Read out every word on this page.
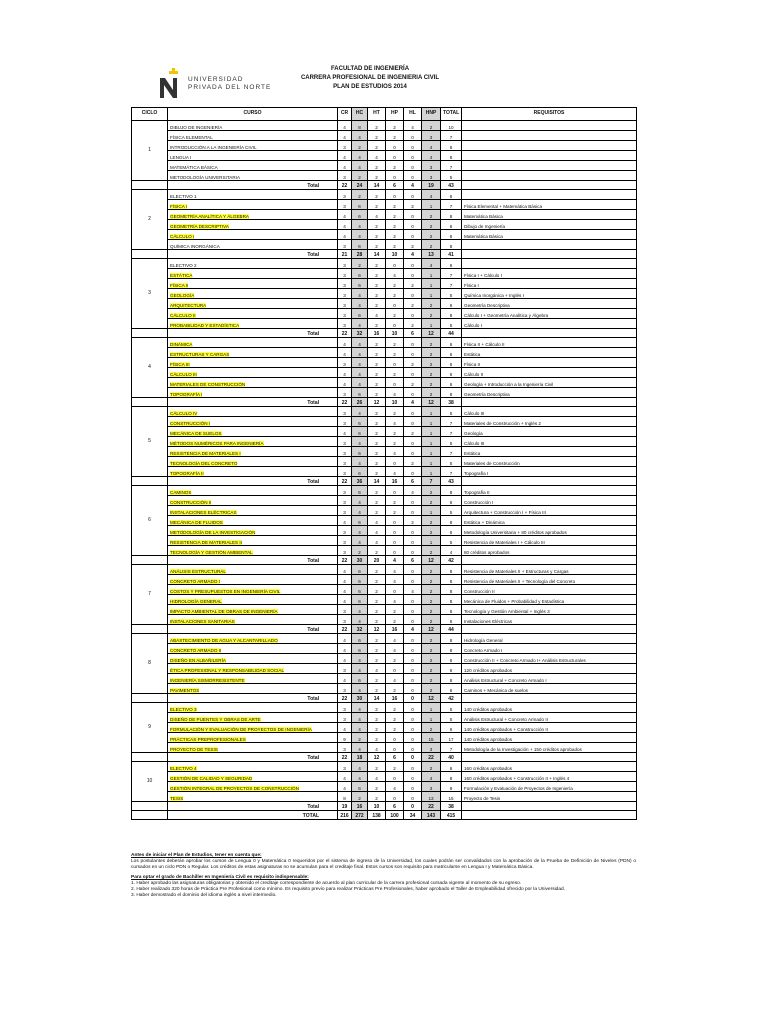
UNIVERSIDAD
PRIVADA DEL NORTE
FACULTAD DE INGENIERÍA
CARRERA PROFESIONAL DE INGENIERIA CIVIL
PLAN DE ESTUDIOS 2014
CICLO	CURSO	CR	HC	HT	HP	HL	HNP	TOTAL	REQUISITOS
1	DIBUJO DE INGENIERÍA	4	8	2	2	4	2	10	
	FÍSICA ELEMENTAL	4	4	2	2	0	3	7	
	INTRODUCCIÓN A LA INGENIERÍA CIVIL	3	2	2	0	0	4	6	
	LENGUA I	4	4	4	0	0	4	8	
	MATEMÁTICA BÁSICA	4	4	2	2	0	3	7	
	METODOLOGÍA UNIVERSITARIA	3	2	2	0	0	3	5	
	Total	22	24	14	6	4	19	43	
2	ELECTIVO 1	3	2	2	0	0	4	6	
	FÍSICA I	3	6	2	2	2	1	7	Física Elemental + Matemática Básica
	GEOMETRÍA ANALÍTICA Y ÁLGEBRA	4	6	4	2	0	2	8	Matemática Básica
	GEOMETRÍA DESCRIPTIVA	4	4	2	2	0	2	6	Dibujo de Ingeniería
	CÁLCULO I	4	4	2	2	0	2	6	Matemática Básica
	QUÍMICA INORGÁNICA	3	6	2	2	2	2	8	
	Total	21	28	14	10	4	13	41	
3	ELECTIVO 2	3	2	2	0	0	4	6	
	ESTÁTICA	3	6	2	4	0	1	7	Física I + Cálculo I
	FÍSICA II	3	6	2	2	2	1	7	Física I
	GEOLOGÍA	3	4	2	2	0	1	5	Química Inorgánica + Inglés I
	ARQUITECTURA	3	4	2	0	2	2	6	Geometría Descriptiva
	CÁLCULO II	3	6	4	2	0	2	8	Cálculo I + Geometría Analítica y Álgebra
	PROBABILIDAD Y ESTADÍSTICA	3	4	2	0	2	1	5	Cálculo I
	Total	22	32	16	10	6	12	44	
4	DINÁMICA	4	4	2	2	0	2	6	Física II + Cálculo II
	ESTRUCTURAS Y CARGAS	4	4	2	2	0	2	6	Estática
	FÍSICA III	3	4	2	0	2	2	6	Física II
	CÁLCULO III	4	4	2	2	0	2	6	Cálculo II
	MATERIALES DE CONSTRUCCIÓN	4	4	2	0	2	2	6	Geología + Introducción a la Ingeniería Civil
	TOPOGRAFÍA I	3	6	2	4	0	2	8	Geometría Descriptiva
	Total	22	26	12	10	4	12	38	
5	CÁLCULO IV	3	4	2	2	0	1	5	Cálculo III
	CONSTRUCCIÓN I	3	6	2	4	0	1	7	Materiales de Construcción + Inglés 2
	MECÁNICA DE SUELOS	4	6	2	2	2	1	7	Geología
	MÉTODOS NUMÉRICOS PARA INGENIERÍA	3	4	2	2	0	1	5	Cálculo III
	RESISTENCIA DE MATERIALES I	3	6	2	4	0	1	7	Estática
	TECNOLOGÍA DEL CONCRETO	3	4	2	0	2	1	5	Materiales de Construcción
	TOPOGRAFÍA II	3	6	2	4	0	1	7	Topografía I
	Total	22	36	14	16	6	7	43	
6	CAMINOS	3	6	2	0	4	2	8	Topografía II
	CONSTRUCCIÓN II	3	4	2	2	0	2	6	Construcción I
	INSTALACIONES ELÉCTRICAS	3	4	2	2	0	1	5	Arquitectura + Construcción I + Física III
	MECÁNICA DE FLUIDOS	4	6	4	0	2	2	8	Estática + Dinámica
	METODOLOGÍA DE LA INVESTIGACIÓN	3	4	4	0	0	2	6	Metodología Universitaria + 80 créditos aprobados
	RESISTENCIA DE MATERIALES II	3	4	4	0	0	1	5	Resistencia de Materiales I + Cálculo III
	TECNOLOGÍA Y GESTIÓN AMBIENTAL	3	2	2	0	0	2	4	80 créditos aprobados
	Total	22	30	20	4	6	12	42	
7	ANÁLISIS ESTRUCTURAL	4	6	2	4	0	2	8	Resistencia de Materiales II + Estructuras y Cargas
	CONCRETO ARMADO I	4	6	2	4	0	2	8	Resistencia de Materiales II + Tecnología del Concreto
	COSTOS Y PRESUPUESTOS EN INGENIERÍA CIVIL	4	6	2	0	4	2	8	Construcción II
	HIDROLOGÍA GENERAL	4	6	2	4	0	2	8	Mecánica de Fluidos + Probabilidad y Estadística
	IMPACTO AMBIENTAL DE OBRAS DE INGENIERÍA	3	4	2	2	0	2	6	Tecnología y Gestión Ambiental + Inglés 3
	INSTALACIONES SANITARIAS	3	4	2	2	0	2	6	Instalaciones Eléctricas
	Total	22	32	12	16	4	12	44	
8	ABASTECIMIENTO DE AGUA Y ALCANTARILLADO	4	6	2	4	0	2	8	Hidrología General
	CONCRETO ARMADO II	4	6	2	4	0	2	8	Concreto Armado I
	DISEÑO EN ALBAÑILERÍA	4	4	2	2	0	2	6	Construcción II + Concreto Armado I+ Análisis Estructurales
	ÉTICA PROFESIONAL Y RESPONSABILIDAD SOCIAL	3	4	4	0	0	2	6	120 créditos aprobados
	INGENIERÍA SISMORRESISTENTE	4	6	2	4	0	2	8	Análisis Estructural + Concreto Armado I
	PAVIMENTOS	3	4	2	2	0	2	6	Caminos + Mecánica de suelos
	Total	22	30	14	16	0	12	42	
9	ELECTIVO 3	3	4	2	2	0	1	5	140 créditos aprobados
	DISEÑO DE PUENTES Y OBRAS DE ARTE	3	4	2	2	0	1	5	Análisis Estructural + Concreto Armado II
	FORMULACIÓN Y EVALUACIÓN DE PROYECTOS DE INGENIERÍA	4	4	2	2	0	2	6	140 créditos aprobados + Construcción II
	PRÁCTICAS PREPROFESIONALES	9	2	2	0	0	15	17	140 créditos aprobados
	PROYECTO DE TESIS	3	4	4	0	0	3	7	Metodología de la Investigación + 150 créditos aprobados
	Total	22	18	12	6	0	22	40	
10	ELECTIVO 4	3	4	2	2	0	2	6	160 créditos aprobados
	GESTIÓN DE CALIDAD Y SEGURIDAD	4	4	4	0	0	4	8	160 créditos aprobados + Construcción II + Inglés 4
	GESTIÓN INTEGRAL DE PROYECTOS DE CONSTRUCCIÓN	4	6	2	4	0	3	9	Formulación y Evaluación de Proyectos de Ingeniería
	TESIS	8	2	2	0	0	13	15	Proyecto de Tesis
	Total	19	16	10	6	0	22	38	
	TOTAL	216	272	138	100	34	143	415	

Antes de iniciar el Plan de Estudios, tener en cuenta que:

Los postulantes deberán aprobar los cursos de Lengua 0 y Matemática 0 requeridos por el sistema de ingreso de la Universidad, los cuales podrán ser convalidados con la aprobación de la Prueba de Definición de Niveles (PDN) o cursados en un ciclo PDN o Regular. Los créditos de estas asignaturas no se acumulan para el creditaje final. Estos cursos son requisito para matricularse en Lengua I y Matemática Básica.

Para optar el grado de Bachiller en Ingeniería Civil es requisito indispensable:

1. Haber aprobado las asignaturas obligatorias y obtenido el creditaje correspondiente de acuerdo al plan curricular de la carrera profesional cursada vigente al momento de su egreso.

2. Haber realizado 320 horas de Práctica Pre Profesional como mínimo. Es requisito previo para realizar Prácticas Pre Profesionales, haber aprobado el Taller de Empleabilidad ofrecido por la Universidad.

3. Haber demostrado el dominio del idioma inglés a nivel intermedio.
